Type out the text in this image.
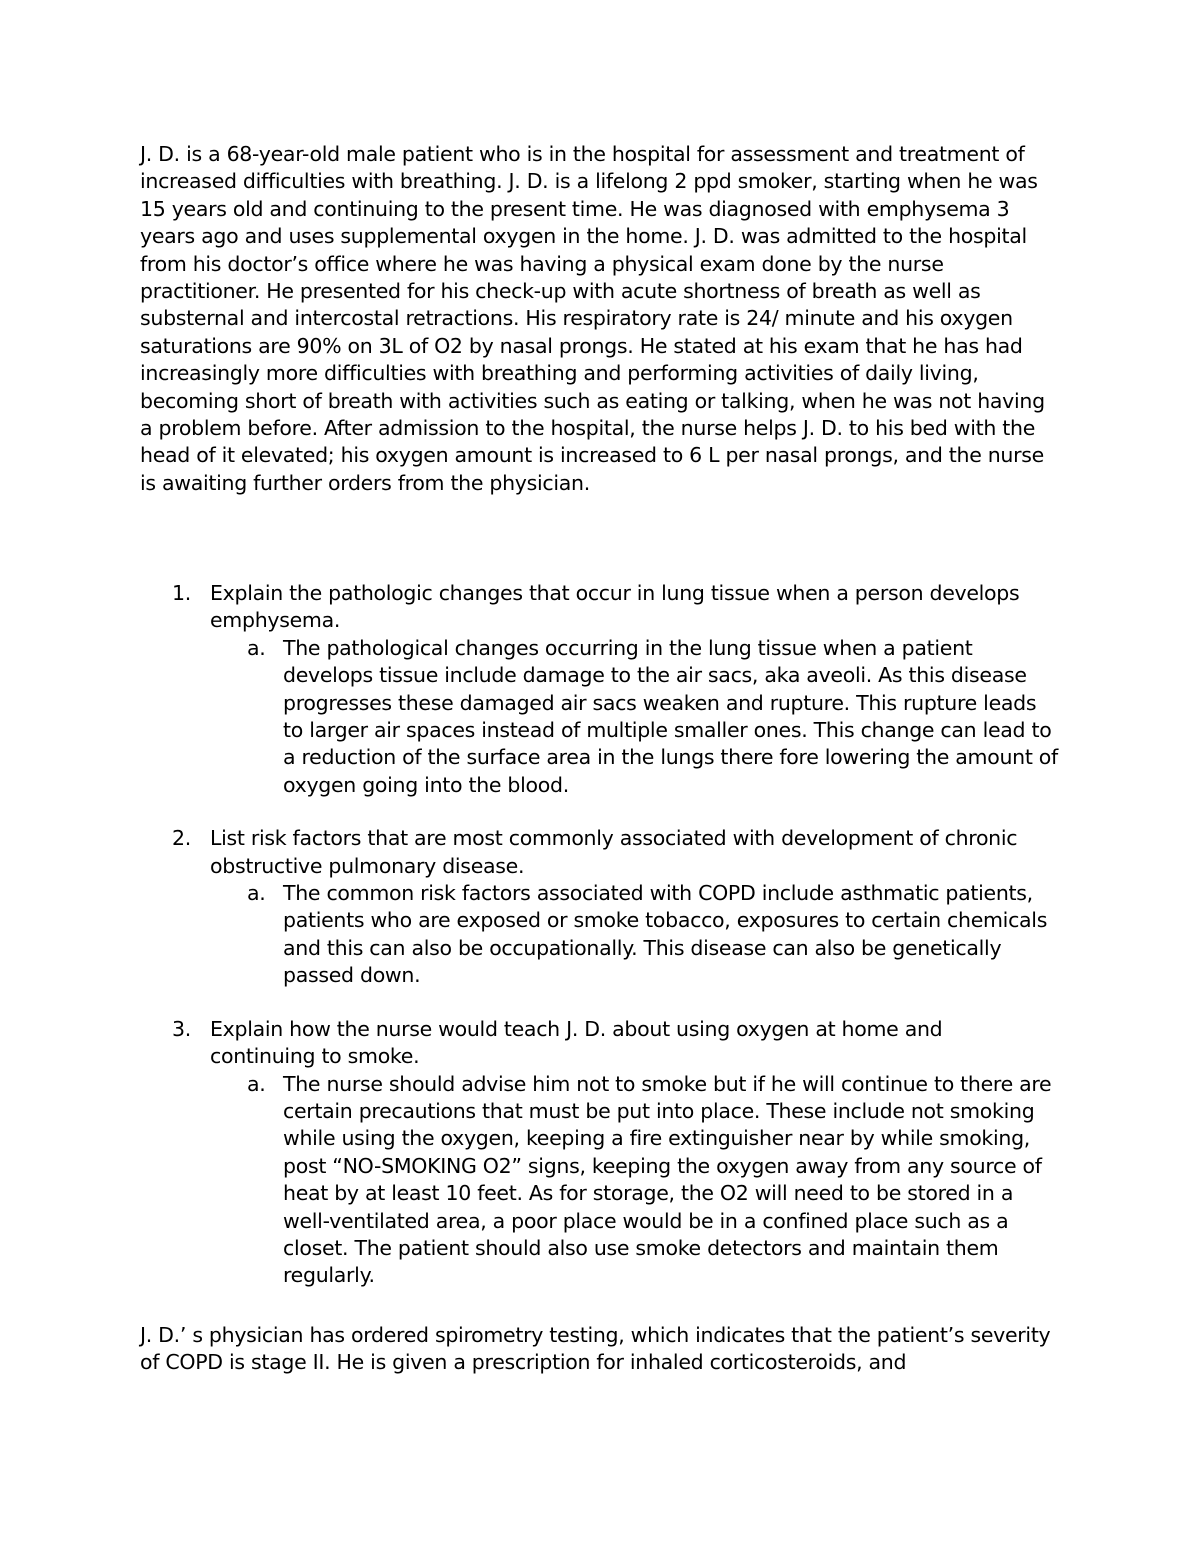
J. D. is a 68-year-old male patient who is in the hospital for assessment and treatment of increased difficulties with breathing. J. D. is a lifelong 2 ppd smoker, starting when he was 15 years old and continuing to the present time. He was diagnosed with emphysema 3 years ago and uses supplemental oxygen in the home. J. D. was admitted to the hospital from his doctor’s office where he was having a physical exam done by the nurse practitioner. He presented for his check-up with acute shortness of breath as well as substernal and intercostal retractions. His respiratory rate is 24/ minute and his oxygen saturations are 90% on 3L of O2 by nasal prongs. He stated at his exam that he has had increasingly more difficulties with breathing and performing activities of daily living, becoming short of breath with activities such as eating or talking, when he was not having a problem before. After admission to the hospital, the nurse helps J. D. to his bed with the head of it elevated; his oxygen amount is increased to 6 L per nasal prongs, and the nurse is awaiting further orders from the physician.

1. Explain the pathologic changes that occur in lung tissue when a person develops emphysema.

a. The pathological changes occurring in the lung tissue when a patient develops tissue include damage to the air sacs, aka aveoli. As this disease progresses these damaged air sacs weaken and rupture. This rupture leads to larger air spaces instead of multiple smaller ones. This change can lead to a reduction of the surface area in the lungs there fore lowering the amount of oxygen going into the blood.

2. List risk factors that are most commonly associated with development of chronic obstructive pulmonary disease.

a. The common risk factors associated with COPD include asthmatic patients, patients who are exposed or smoke tobacco, exposures to certain chemicals and this can also be occupationally. This disease can also be genetically passed down.

3. Explain how the nurse would teach J. D. about using oxygen at home and continuing to smoke.

a. The nurse should advise him not to smoke but if he will continue to there are certain precautions that must be put into place. These include not smoking while using the oxygen, keeping a fire extinguisher near by while smoking, post “NO-SMOKING O2” signs, keeping the oxygen away from any source of heat by at least 10 feet. As for storage, the O2 will need to be stored in a well-ventilated area, a poor place would be in a confined place such as a closet. The patient should also use smoke detectors and maintain them regularly.

J. D.’ s physician has ordered spirometry testing, which indicates that the patient’s severity of COPD is stage II. He is given a prescription for inhaled corticosteroids, and
